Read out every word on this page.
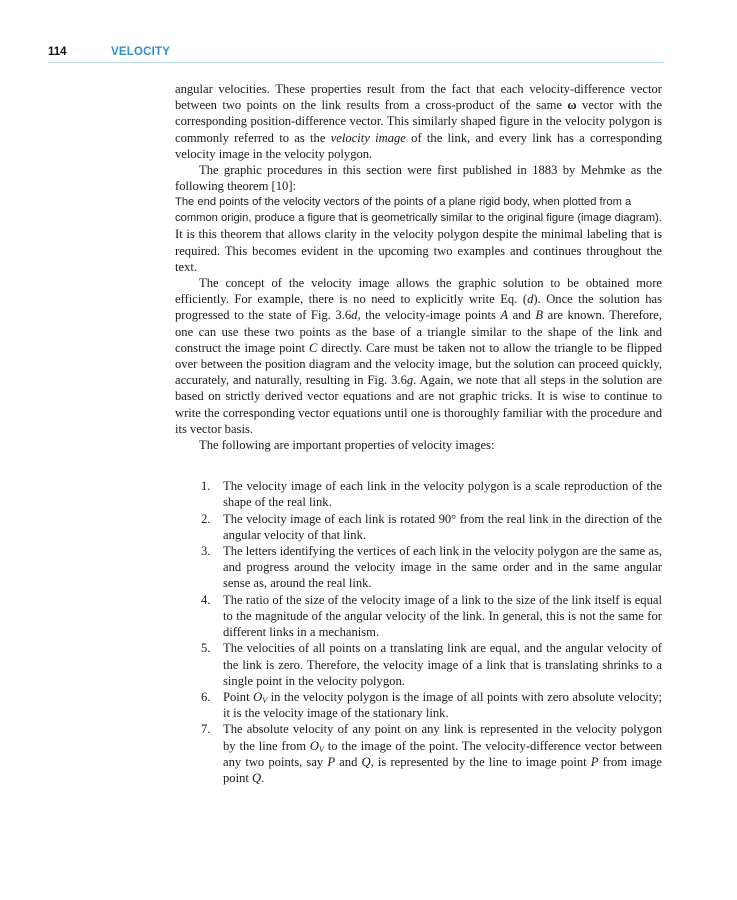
114	VELOCITY

angular velocities. These properties result from the fact that each velocity-difference vector between two points on the link results from a cross-product of the same ω vector with the corresponding position-difference vector. This similarly shaped figure in the velocity polygon is commonly referred to as the velocity image of the link, and every link has a corresponding velocity image in the velocity polygon.

The graphic procedures in this section were first published in 1883 by Mehmke as the following theorem [10]:

The end points of the velocity vectors of the points of a plane rigid body, when plotted from a common origin, produce a figure that is geometrically similar to the original figure (image diagram).

It is this theorem that allows clarity in the velocity polygon despite the minimal labeling that is required. This becomes evident in the upcoming two examples and continues throughout the text.

The concept of the velocity image allows the graphic solution to be obtained more efficiently. For example, there is no need to explicitly write Eq. (d). Once the solution has progressed to the state of Fig. 3.6d, the velocity-image points A and B are known. Therefore, one can use these two points as the base of a triangle similar to the shape of the link and construct the image point C directly. Care must be taken not to allow the triangle to be flipped over between the position diagram and the velocity image, but the solution can proceed quickly, accurately, and naturally, resulting in Fig. 3.6g. Again, we note that all steps in the solution are based on strictly derived vector equations and are not graphic tricks. It is wise to continue to write the corresponding vector equations until one is thoroughly familiar with the procedure and its vector basis.

The following are important properties of velocity images:

1. The velocity image of each link in the velocity polygon is a scale reproduction of the shape of the real link.
2. The velocity image of each link is rotated 90° from the real link in the direction of the angular velocity of that link.
3. The letters identifying the vertices of each link in the velocity polygon are the same as, and progress around the velocity image in the same order and in the same angular sense as, around the real link.
4. The ratio of the size of the velocity image of a link to the size of the link itself is equal to the magnitude of the angular velocity of the link. In general, this is not the same for different links in a mechanism.
5. The velocities of all points on a translating link are equal, and the angular velocity of the link is zero. Therefore, the velocity image of a link that is translating shrinks to a single point in the velocity polygon.
6. Point $O_V$ in the velocity polygon is the image of all points with zero absolute velocity; it is the velocity image of the stationary link.
7. The absolute velocity of any point on any link is represented in the velocity polygon by the line from $O_V$ to the image of the point. The velocity-difference vector between any two points, say P and Q, is represented by the line to image point P from image point Q.
